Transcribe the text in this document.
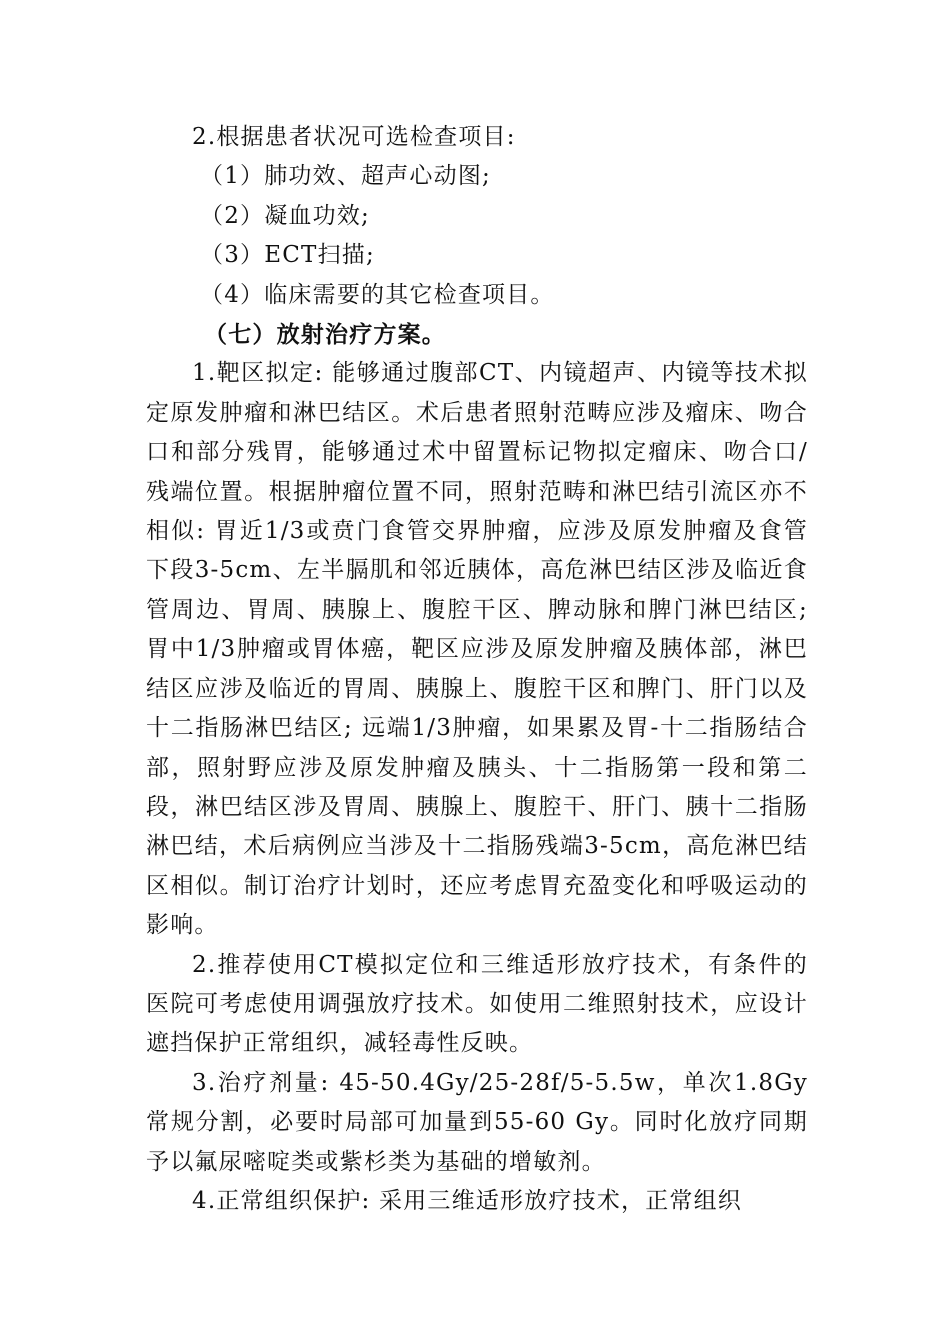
2.根据患者状况可选检查项目:

（1）肺功效、超声心动图;

（2）凝血功效;

（3）ECT扫描;

（4）临床需要的其它检查项目。

（七）放射治疗方案。

1.靶区拟定: 能够通过腹部CT、内镜超声、内镜等技术拟定原发肿瘤和淋巴结区。术后患者照射范畴应涉及瘤床、吻合口和部分残胃，能够通过术中留置标记物拟定瘤床、吻合口/残端位置。根据肿瘤位置不同，照射范畴和淋巴结引流区亦不相似: 胃近1/3或贲门食管交界肿瘤，应涉及原发肿瘤及食管下段3-5cm、左半膈肌和邻近胰体，高危淋巴结区涉及临近食管周边、胃周、胰腺上、腹腔干区、脾动脉和脾门淋巴结区; 胃中1/3肿瘤或胃体癌，靶区应涉及原发肿瘤及胰体部，淋巴结区应涉及临近的胃周、胰腺上、腹腔干区和脾门、肝门以及十二指肠淋巴结区; 远端1/3肿瘤，如果累及胃-十二指肠结合部，照射野应涉及原发肿瘤及胰头、十二指肠第一段和第二段，淋巴结区涉及胃周、胰腺上、腹腔干、肝门、胰十二指肠淋巴结，术后病例应当涉及十二指肠残端3-5cm，高危淋巴结区相似。制订治疗计划时，还应考虑胃充盈变化和呼吸运动的影响。

2.推荐使用CT模拟定位和三维适形放疗技术，有条件的医院可考虑使用调强放疗技术。如使用二维照射技术，应设计遮挡保护正常组织，减轻毒性反映。

3.治疗剂量: 45-50.4Gy/25-28f/5-5.5w，单次1.8Gy常规分割，必要时局部可加量到55-60 Gy。同时化放疗同期予以氟尿嘧啶类或紫杉类为基础的增敏剂。

4.正常组织保护: 采用三维适形放疗技术，正常组织
